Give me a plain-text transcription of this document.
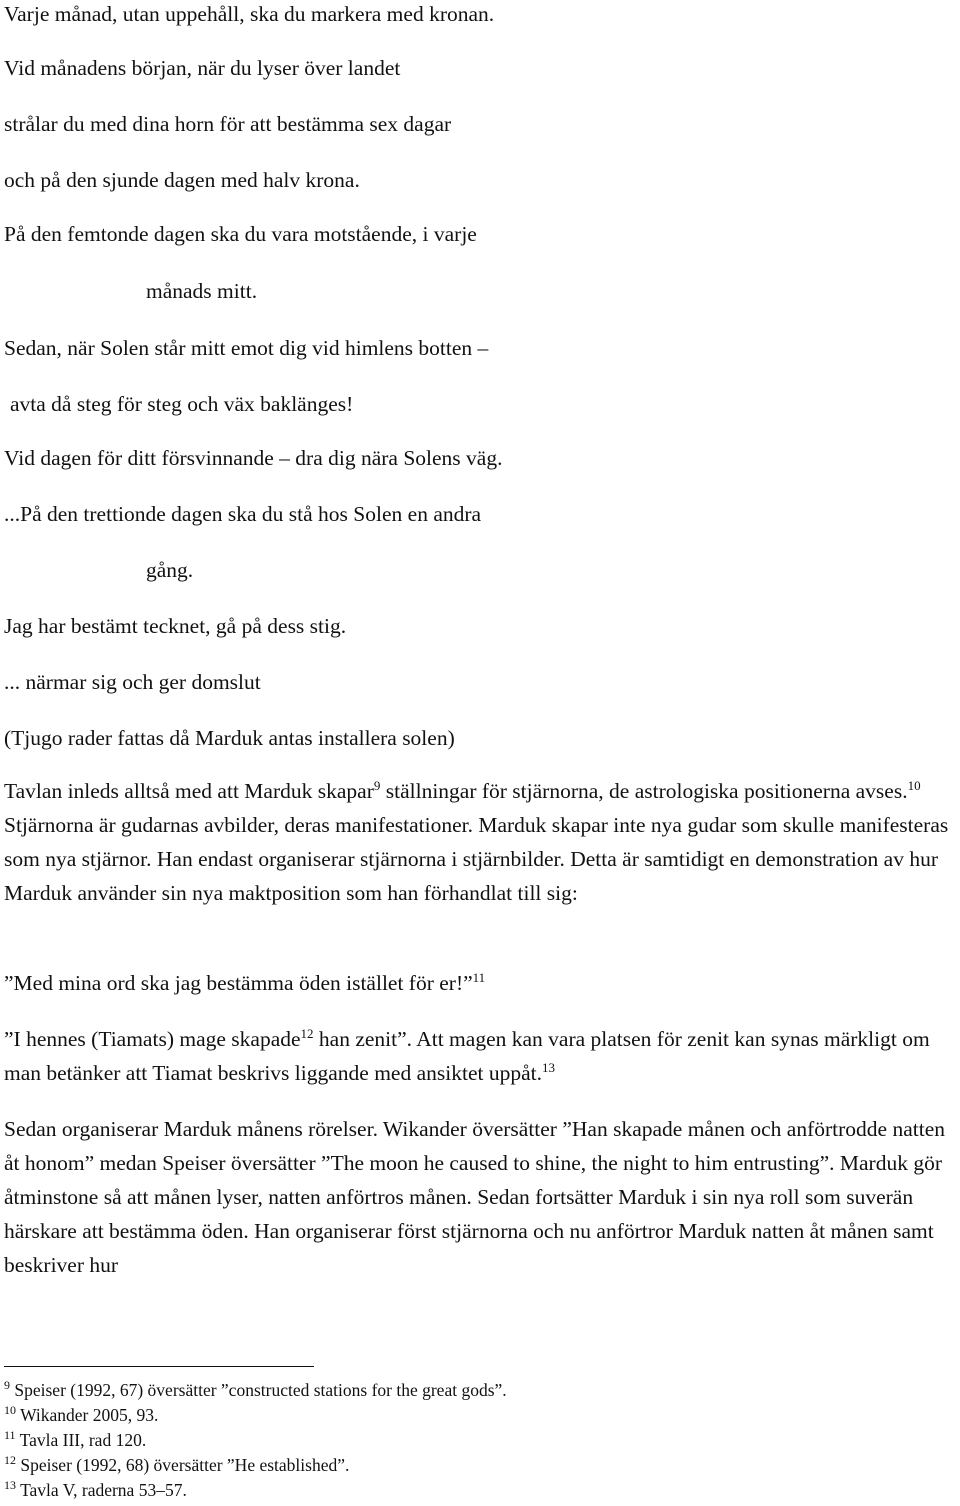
Varje månad, utan uppehåll, ska du markera med kronan.
Vid månadens början, när du lyser över landet
strålar du med dina horn för att bestämma sex dagar
och på den sjunde dagen med halv krona.
På den femtonde dagen ska du vara motstående, i varje
månads mitt.
Sedan, när Solen står mitt emot dig vid himlens botten –
avta då steg för steg och väx baklänges!
Vid dagen för ditt försvinnande – dra dig nära Solens väg.
...På den trettionde dagen ska du stå hos Solen en andra
gång.
Jag har bestämt tecknet, gå på dess stig.
... närmar sig och ger domslut
(Tjugo rader fattas då Marduk antas installera solen)
Tavlan inleds alltså med att Marduk skapar$^9$ ställningar för stjärnorna, de astrologiska positionerna avses.$^{10}$ Stjärnorna är gudarnas avbilder, deras manifestationer. Marduk skapar inte nya gudar som skulle manifesteras som nya stjärnor. Han endast organiserar stjärnorna i stjärnbilder. Detta är samtidigt en demonstration av hur Marduk använder sin nya maktposition som han förhandlat till sig:
”Med mina ord ska jag bestämma öden istället för er!”$^{11}$
”I hennes (Tiamats) mage skapade$^{12}$ han zenit”. Att magen kan vara platsen för zenit kan synas märkligt om man betänker att Tiamat beskrivs liggande med ansiktet uppåt.$^{13}$
Sedan organiserar Marduk månens rörelser. Wikander översätter ”Han skapade månen och anförtrodde natten åt honom” medan Speiser översätter ”The moon he caused to shine, the night to him entrusting”. Marduk gör åtminstone så att månen lyser, natten anförtros månen. Sedan fortsätter Marduk i sin nya roll som suverän härskare att bestämma öden. Han organiserar först stjärnorna och nu anförtror Marduk natten åt månen samt beskriver hur
$^9$ Speiser (1992, 67) översätter ”constructed stations for the great gods”.
$^{10}$ Wikander 2005, 93.
$^{11}$ Tavla III, rad 120.
$^{12}$ Speiser (1992, 68) översätter ”He established”.
$^{13}$ Tavla V, raderna 53–57.
